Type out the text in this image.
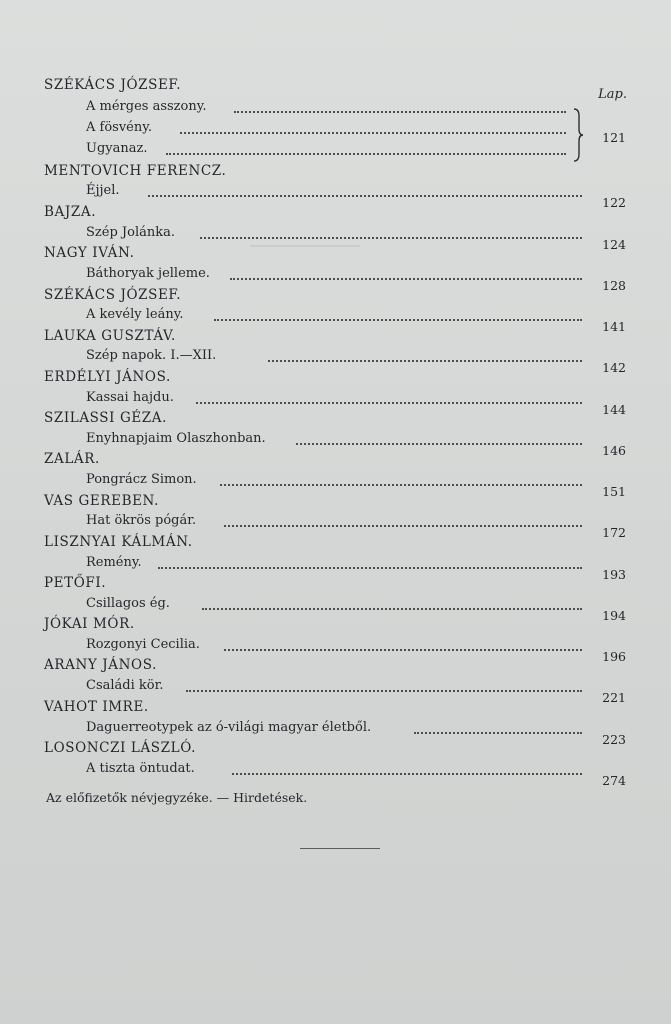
Lap.
SZÉKÁCS JÓZSEF.
A mérges asszony.
A fösvény.
121
Ugyanaz.
MENTOVICH FERENCZ.
Éjjel.
122
BAJZA.
Szép Jolánka.
124
NAGY IVÁN.
Báthoryak jelleme.
128
SZÉKÁCS JÓZSEF.
A kevély leány.
141
LAUKA GUSZTÁV.
Szép napok. I.—XII.
142
ERDÉLYI JÁNOS.
Kassai hajdu.
144
SZILASSI GÉZA.
Enyhnapjaim Olaszhonban.
146
ZALÁR.
Pongrácz Simon.
151
VAS GEREBEN.
Hat ökrös pógár.
172
LISZNYAI KÁLMÁN.
Remény.
193
PETŐFI.
Csillagos ég.
194
JÓKAI MÓR.
Rozgonyi Cecilia.
196
ARANY JÁNOS.
Családi kör.
221
VAHOT IMRE.
Daguerreotypek az ó-világi magyar életből.
223
LOSONCZI LÁSZLÓ.
A tiszta öntudat.
274
Az előfizetők névjegyzéke. — Hirdetések.
